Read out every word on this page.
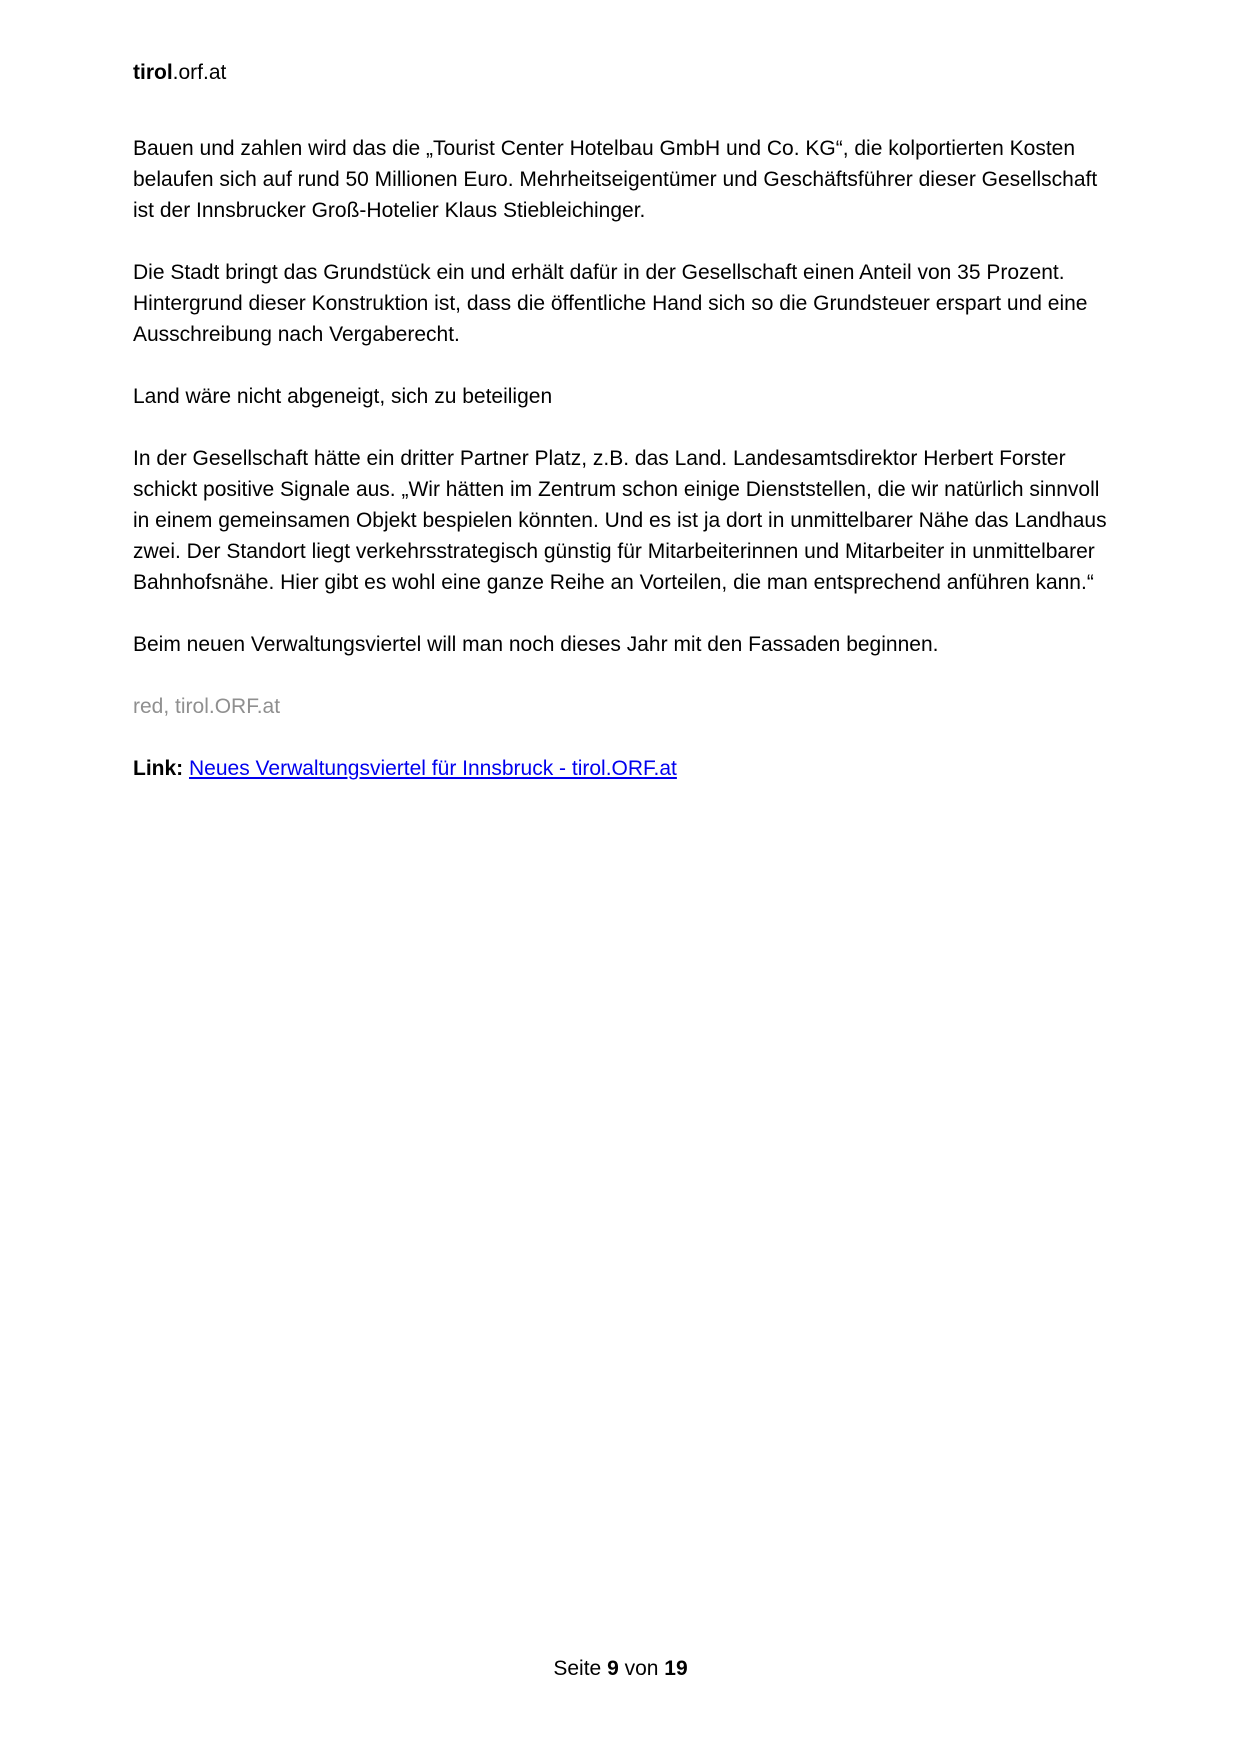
tirol.orf.at

Bauen und zahlen wird das die „Tourist Center Hotelbau GmbH und Co. KG“, die kolportierten Kosten belaufen sich auf rund 50 Millionen Euro. Mehrheitseigentümer und Geschäftsführer dieser Gesellschaft ist der Innsbrucker Groß-Hotelier Klaus Stiebleichinger.

Die Stadt bringt das Grundstück ein und erhält dafür in der Gesellschaft einen Anteil von 35 Prozent. Hintergrund dieser Konstruktion ist, dass die öffentliche Hand sich so die Grundsteuer erspart und eine Ausschreibung nach Vergaberecht.

Land wäre nicht abgeneigt, sich zu beteiligen

In der Gesellschaft hätte ein dritter Partner Platz, z.B. das Land. Landesamtsdirektor Herbert Forster schickt positive Signale aus. „Wir hätten im Zentrum schon einige Dienststellen, die wir natürlich sinnvoll in einem gemeinsamen Objekt bespielen könnten. Und es ist ja dort in unmittelbarer Nähe das Landhaus zwei. Der Standort liegt verkehrsstrategisch günstig für Mitarbeiterinnen und Mitarbeiter in unmittelbarer Bahnhofsnähe. Hier gibt es wohl eine ganze Reihe an Vorteilen, die man entsprechend anführen kann.“

Beim neuen Verwaltungsviertel will man noch dieses Jahr mit den Fassaden beginnen.

red, tirol.ORF.at

Link: Neues Verwaltungsviertel für Innsbruck - tirol.ORF.at
Seite 9 von 19
